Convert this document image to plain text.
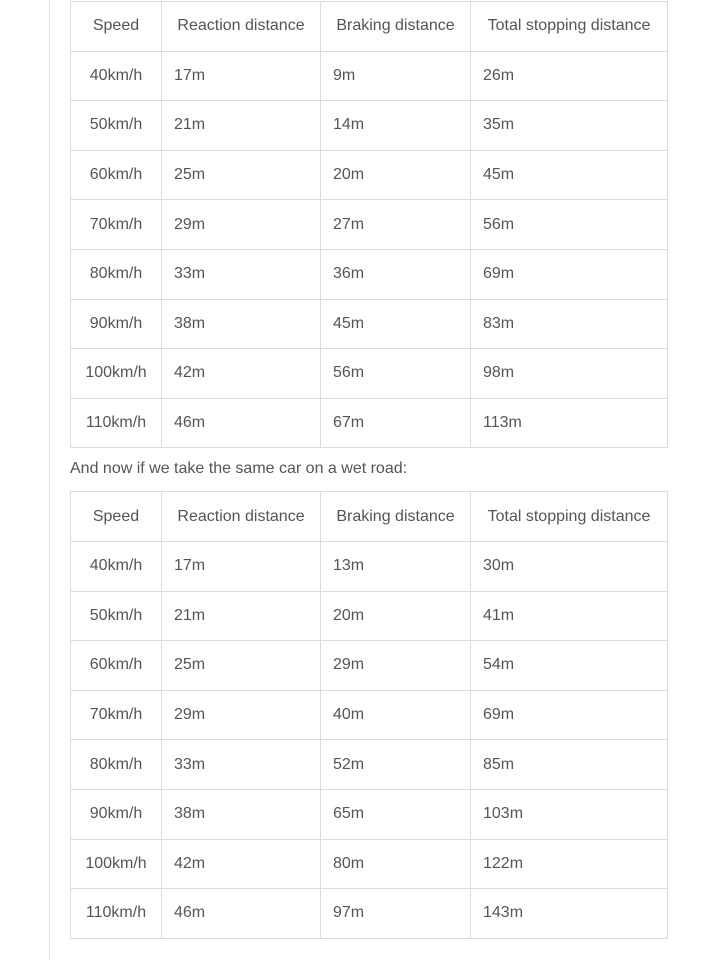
Speed	Reaction distance	Braking distance	Total stopping distance
40km/h	17m	9m	26m
50km/h	21m	14m	35m
60km/h	25m	20m	45m
70km/h	29m	27m	56m
80km/h	33m	36m	69m
90km/h	38m	45m	83m
100km/h	42m	56m	98m
110km/h	46m	67m	113m

And now if we take the same car on a wet road:

Speed	Reaction distance	Braking distance	Total stopping distance
40km/h	17m	13m	30m
50km/h	21m	20m	41m
60km/h	25m	29m	54m
70km/h	29m	40m	69m
80km/h	33m	52m	85m
90km/h	38m	65m	103m
100km/h	42m	80m	122m
110km/h	46m	97m	143m
